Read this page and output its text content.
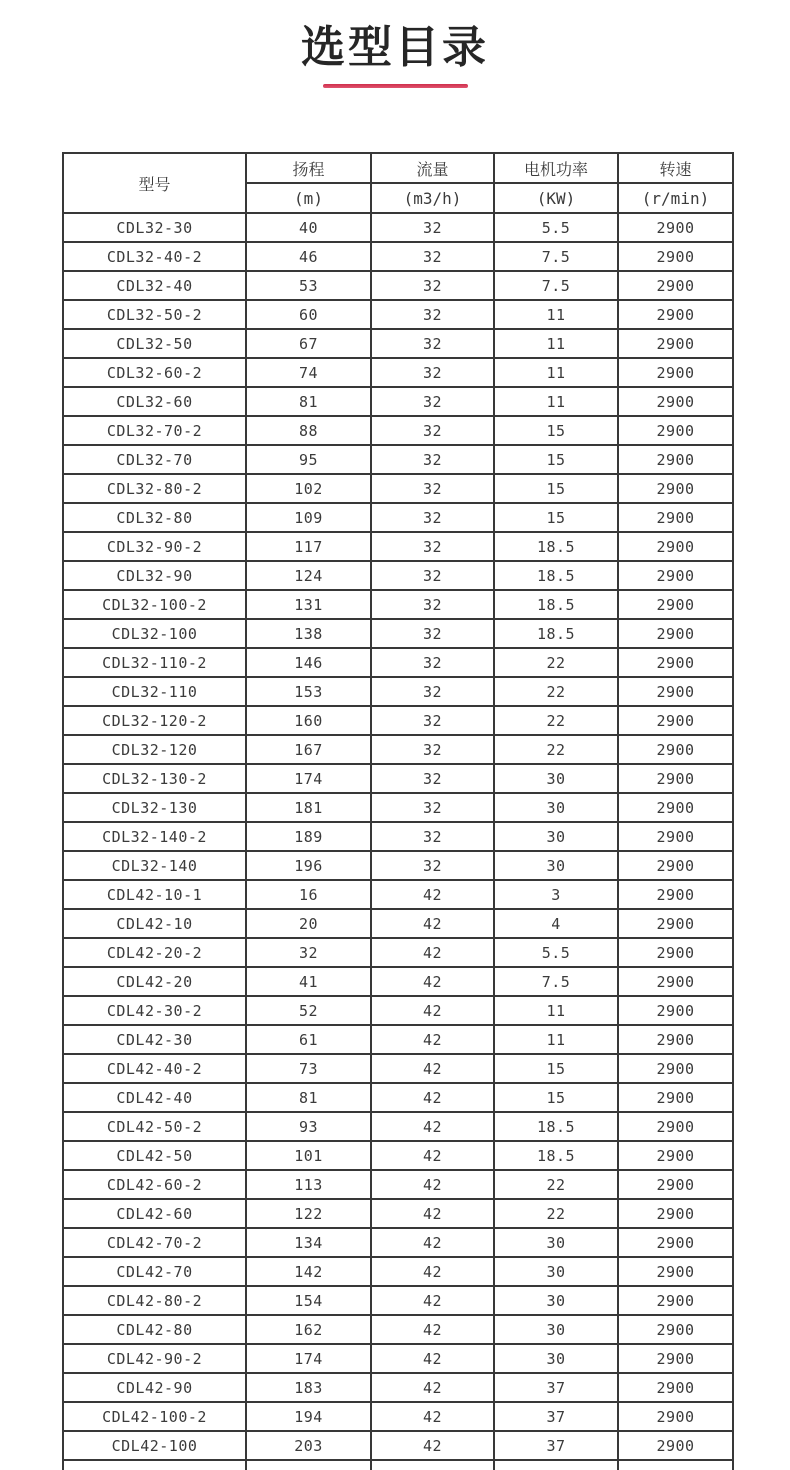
选型目录
型号	扬程	流量	电机功率	转速
	(m)	(m3/h)	(KW)	(r/min)
CDL32-30	40	32	5.5	2900
CDL32-40-2	46	32	7.5	2900
CDL32-40	53	32	7.5	2900
CDL32-50-2	60	32	11	2900
CDL32-50	67	32	11	2900
CDL32-60-2	74	32	11	2900
CDL32-60	81	32	11	2900
CDL32-70-2	88	32	15	2900
CDL32-70	95	32	15	2900
CDL32-80-2	102	32	15	2900
CDL32-80	109	32	15	2900
CDL32-90-2	117	32	18.5	2900
CDL32-90	124	32	18.5	2900
CDL32-100-2	131	32	18.5	2900
CDL32-100	138	32	18.5	2900
CDL32-110-2	146	32	22	2900
CDL32-110	153	32	22	2900
CDL32-120-2	160	32	22	2900
CDL32-120	167	32	22	2900
CDL32-130-2	174	32	30	2900
CDL32-130	181	32	30	2900
CDL32-140-2	189	32	30	2900
CDL32-140	196	32	30	2900
CDL42-10-1	16	42	3	2900
CDL42-10	20	42	4	2900
CDL42-20-2	32	42	5.5	2900
CDL42-20	41	42	7.5	2900
CDL42-30-2	52	42	11	2900
CDL42-30	61	42	11	2900
CDL42-40-2	73	42	15	2900
CDL42-40	81	42	15	2900
CDL42-50-2	93	42	18.5	2900
CDL42-50	101	42	18.5	2900
CDL42-60-2	113	42	22	2900
CDL42-60	122	42	22	2900
CDL42-70-2	134	42	30	2900
CDL42-70	142	42	30	2900
CDL42-80-2	154	42	30	2900
CDL42-80	162	42	30	2900
CDL42-90-2	174	42	30	2900
CDL42-90	183	42	37	2900
CDL42-100-2	194	42	37	2900
CDL42-100	203	42	37	2900
